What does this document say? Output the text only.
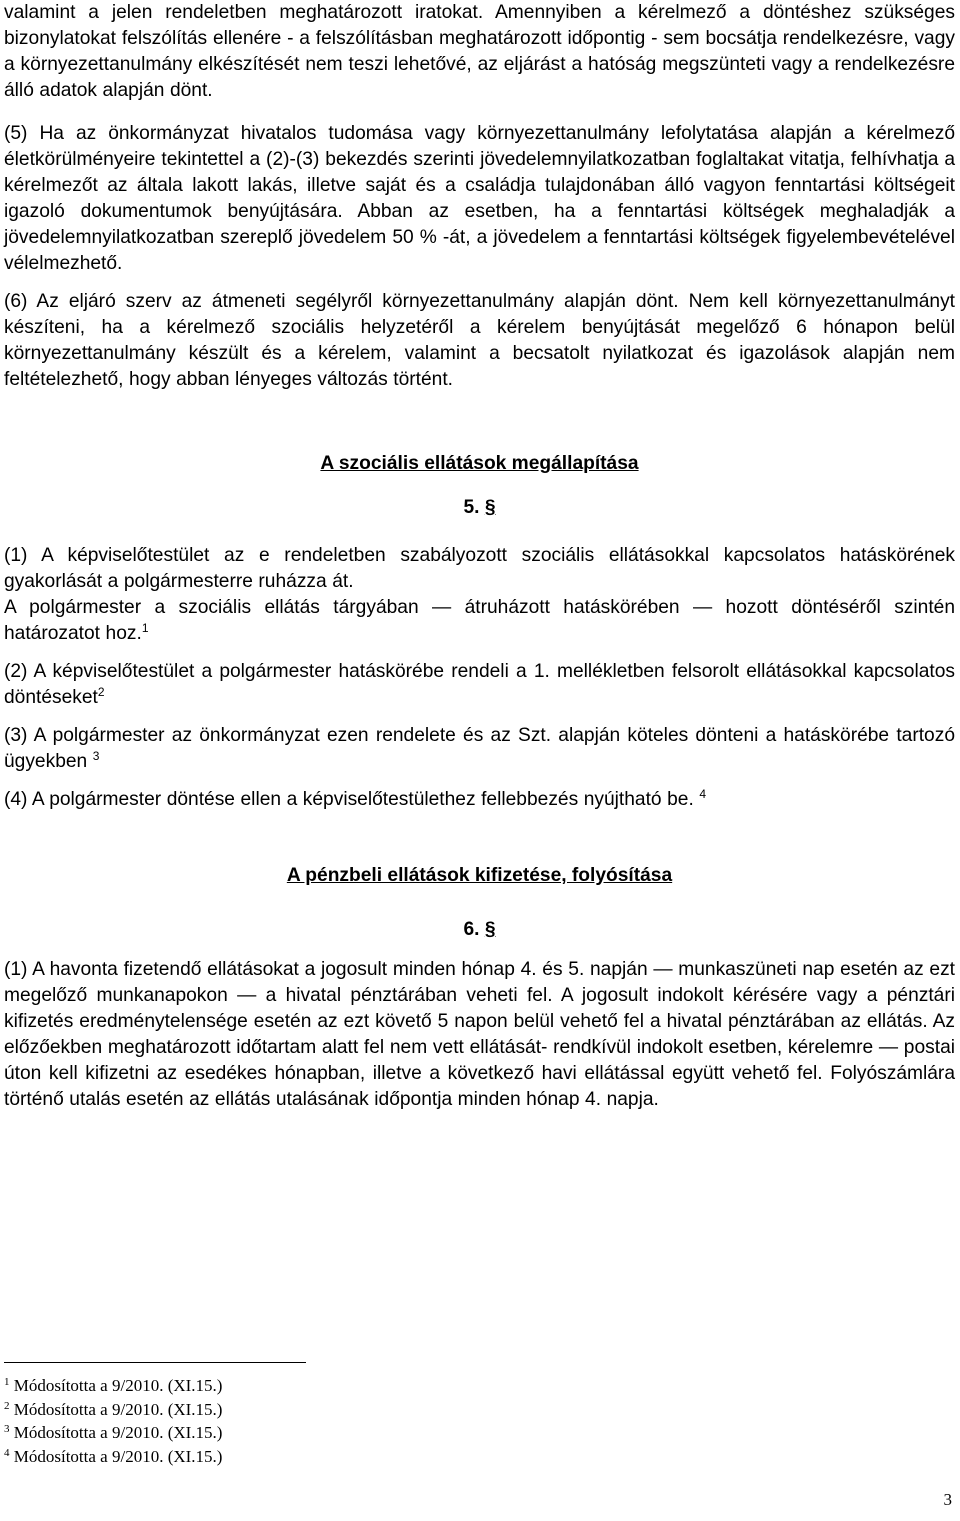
valamint a jelen rendeletben meghatározott iratokat. Amennyiben a kérelmező a döntéshez szükséges bizonylatokat felszólítás ellenére - a felszólításban meghatározott időpontig - sem bocsátja rendelkezésre, vagy a környezettanulmány elkészítését nem teszi lehetővé, az eljárást a hatóság megszünteti vagy a rendelkezésre álló adatok alapján dönt.

(5) Ha az önkormányzat hivatalos tudomása vagy környezettanulmány lefolytatása alapján a kérelmező életkörülményeire tekintettel a (2)-(3) bekezdés szerinti jövedelemnyilatkozatban foglaltakat vitatja, felhívhatja a kérelmezőt az általa lakott lakás, illetve saját és a családja tulajdonában álló vagyon fenntartási költségeit igazoló dokumentumok benyújtására. Abban az esetben, ha a fenntartási költségek meghaladják a jövedelemnyilatkozatban szereplő jövedelem 50 % -át, a jövedelem a fenntartási költségek figyelembevételével vélelmezhető.

(6) Az eljáró szerv az átmeneti segélyről környezettanulmány alapján dönt. Nem kell környezettanulmányt készíteni, ha a kérelmező szociális helyzetéről a kérelem benyújtását megelőző 6 hónapon belül környezettanulmány készült és a kérelem, valamint a becsatolt nyilatkozat és igazolások alapján nem feltételezhető, hogy abban lényeges változás történt.

A szociális ellátások megállapítása

5. §

(1) A képviselőtestület az e rendeletben szabályozott szociális ellátásokkal kapcsolatos hatáskörének gyakorlását a polgármesterre ruházza át.

A polgármester a szociális ellátás tárgyában — átruházott hatáskörében — hozott döntéséről szintén határozatot hoz.$^1$

(2) A képviselőtestület a polgármester hatáskörébe rendeli a 1. mellékletben felsorolt ellátásokkal kapcsolatos döntéseket$^2$

(3) A polgármester az önkormányzat ezen rendelete és az Szt. alapján köteles dönteni a hatáskörébe tartozó ügyekben $^3$

(4) A polgármester döntése ellen a képviselőtestülethez fellebbezés nyújtható be. $^4$

A pénzbeli ellátások kifizetése, folyósítása

6. §

(1) A havonta fizetendő ellátásokat a jogosult minden hónap 4. és 5. napján — munkaszüneti nap esetén az ezt megelőző munkanapokon — a hivatal pénztárában veheti fel. A jogosult indokolt kérésére vagy a pénztári kifizetés eredménytelensége esetén az ezt követő 5 napon belül vehető fel a hivatal pénztárában az ellátás. Az előzőekben meghatározott időtartam alatt fel nem vett ellátását- rendkívül indokolt esetben, kérelemre — postai úton kell kifizetni az esedékes hónapban, illetve a következő havi ellátással együtt vehető fel. Folyószámlára történő utalás esetén az ellátás utalásának időpontja minden hónap 4. napja.

$^1$ Módosította a 9/2010. (XI.15.)
$^2$ Módosította a 9/2010. (XI.15.)
$^3$ Módosította a 9/2010. (XI.15.)
$^4$ Módosította a 9/2010. (XI.15.)
3
